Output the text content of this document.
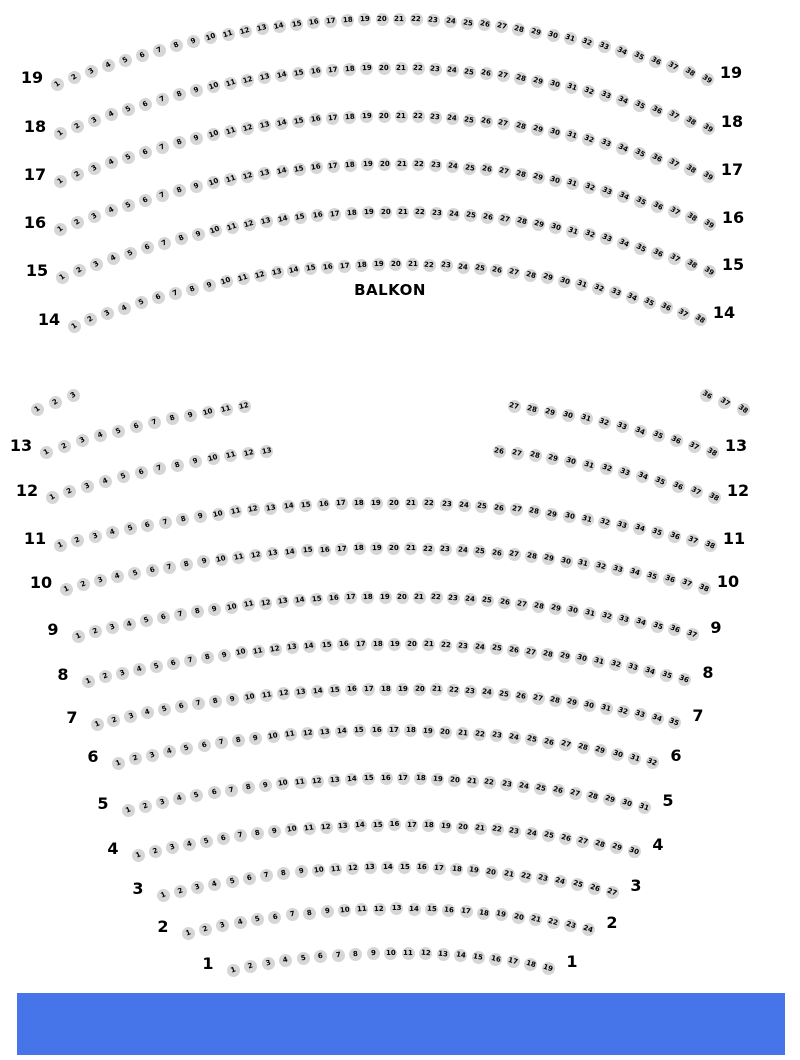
BALKON
1
2
3
4
5
6
7 8 9 10 11 12 13 14 15 16 17 18 19 20 21 22 23 24 25 26 27 28 29 30 31 32 33 34 35 36 37 38
39
19	19
1
2
3
4
5
6
7 8 9 10 11 12 13 14 15 16 17 18 19 20 21 22 23 24 25 26 27 28 29 30 31 32 33 34 35 36 37 38
39
18	18
1
2
3
4
5
6
7 8 9 10 11 12 13 14 15 16 17 18 19 20 21 22 23 24 25 26 27 28 29 30 31 32 33 34 35 36 37 38
39
17	17
1
2
3
4
5
6
7 8 9 10 11 12 13 14 15 16 17 18 19 20 21 22 23 24 25 26 27 28 29 30 31 32 33 34 35 36 37 38
39
16	16
1
2
3
4
5
6
7 8 9 10 11 12 13 14 15 16 17 18 19 20 21 22 23 24 25 26 27 28 29 30 31 32 33 34 35 36 37 38
39
15	15
1
2
3
4
5
6 7 8 9 10 11 12 13 14 15 16 17 18 19 20 21 22 23 24 25 26 27 28 29 30 31 32 33 34 35 36 37 38
14	14
1
2
3	36
37
38
1
2
3
4
5 6 7 8 9 10 11 12	27 28 29 30 31 32 33 34 35 36 37 38
13	13
1
2
3
4 5 6 7 8 9 10 11 12 13	26 27 28 29 30 31 32 33 34 35 36 37 38
12	12
1 2 3 4 5 6 7 8 9 10 11 12 13 14 15 16 17 18 19 20 21 22 23 24 25 26 27 28 29 30 31 32 33 34 35 36 37 38
11	11
1 2 3 4 5 6 7 8 9 10 11 12 13 14 15 16 17 18 19 20 21 22 23 24 25 26 27 28 29 30 31 32 33 34 35 36 37 38
10	10
1 2 3 4 5 6 7 8 9 10 11 12 13 14 15 16 17 18 19 20 21 22 23 24 25 26 27 28 29 30 31 32 33 34 35 36 37
9	9
1 2 3 4 5 6 7 8 9 10 11 12 13 14 15 16 17 18 19 20 21 22 23 24 25 26 27 28 29 30 31 32 33 34 35 36
8	8
1 2 3 4 5 6 7 8 9 10 11 12 13 14 15 16 17 18 19 20 21 22 23 24 25 26 27 28 29 30 31 32 33 34 35
7	7
1 2 3 4 5 6 7 8 9 10 11 12 13 14 15 16 17 18 19 20 21 22 23 24 25 26 27 28 29 30 31 32
6	6
1 2 3 4 5 6 7 8 9 10 11 12 13 14 15 16 17 18 19 20 21 22 23 24 25 26 27 28 29 30 31
5	5
1 2 3 4 5 6 7 8 9 10 11 12 13 14 15 16 17 18 19 20 21 22 23 24 25 26 27 28 29 30
4	4
1 2 3 4 5 6 7 8 9 10 11 12 13 14 15 16 17 18 19 20 21 22 23 24 25 26 27
3	3
1 2 3 4 5 6 7 8 9 10 11 12 13 14 15 16 17 18 19 20 21 22 23 24
2	2
1 2 3 4 5 6 7 8 9 10 11 12 13 14 15 16 17 18 19
1	1
